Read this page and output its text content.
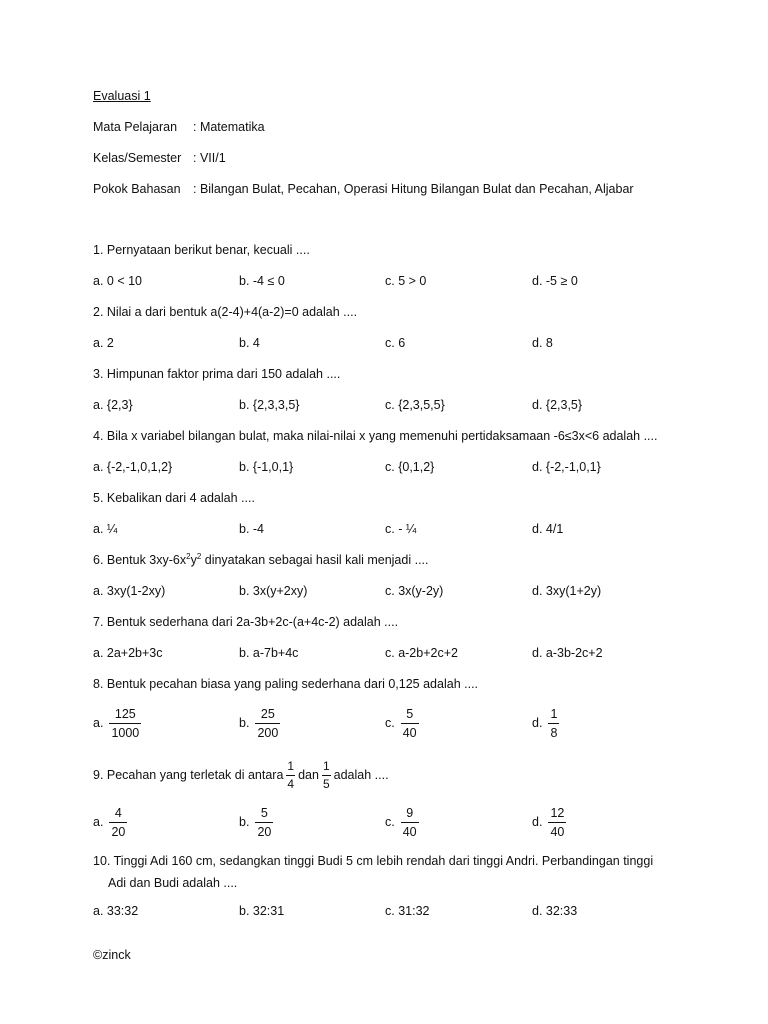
Evaluasi 1
Mata Pelajaran : Matematika
Kelas/Semester : VII/1
Pokok Bahasan : Bilangan Bulat, Pecahan, Operasi Hitung Bilangan Bulat dan Pecahan, Aljabar
1. Pernyataan berikut benar, kecuali ....
a. 0 < 10	b. -4 ≤ 0	c. 5 > 0	d. -5 ≥ 0
2. Nilai a dari bentuk a(2-4)+4(a-2)=0 adalah ....
a. 2	b. 4	c. 6	d. 8
3. Himpunan faktor prima dari 150 adalah ....
a. {2,3}	b. {2,3,3,5}	c. {2,3,5,5}	d. {2,3,5}
4. Bila x variabel bilangan bulat, maka nilai-nilai x yang memenuhi pertidaksamaan -6≤3x<6 adalah ....
a. {-2,-1,0,1,2}	b. {-1,0,1}	c. {0,1,2}	d. {-2,-1,0,1}
5. Kebalikan dari 4 adalah ....
a. ¼	b. -4	c. - ¼	d. 4/1
6. Bentuk $3xy-6x^2y^2$ dinyatakan sebagai hasil kali menjadi ....
a. 3xy(1-2xy)	b. 3x(y+2xy)	c. 3x(y-2y)	d. 3xy(1+2y)
7. Bentuk sederhana dari 2a-3b+2c-(a+4c-2) adalah ....
a. 2a+2b+3c	b. a-7b+4c	c. a-2b+2c+2	d. a-3b-2c+2
8. Bentuk pecahan biasa yang paling sederhana dari 0,125 adalah ....
a. $\frac{125}{1000}$	b. $\frac{25}{200}$	c. $\frac{5}{40}$	d. $\frac{1}{8}$
9. Pecahan yang terletak di antara $\frac{1}{4}$ dan $\frac{1}{5}$ adalah ....
a. $\frac{4}{20}$	b. $\frac{5}{20}$	c. $\frac{9}{40}$	d. $\frac{12}{40}$
10. Tinggi Adi 160 cm, sedangkan tinggi Budi 5 cm lebih rendah dari tinggi Andri. Perbandingan tinggi
Adi dan Budi adalah ....
a. 33:32	b. 32:31	c. 31:32	d. 32:33
©zinck
